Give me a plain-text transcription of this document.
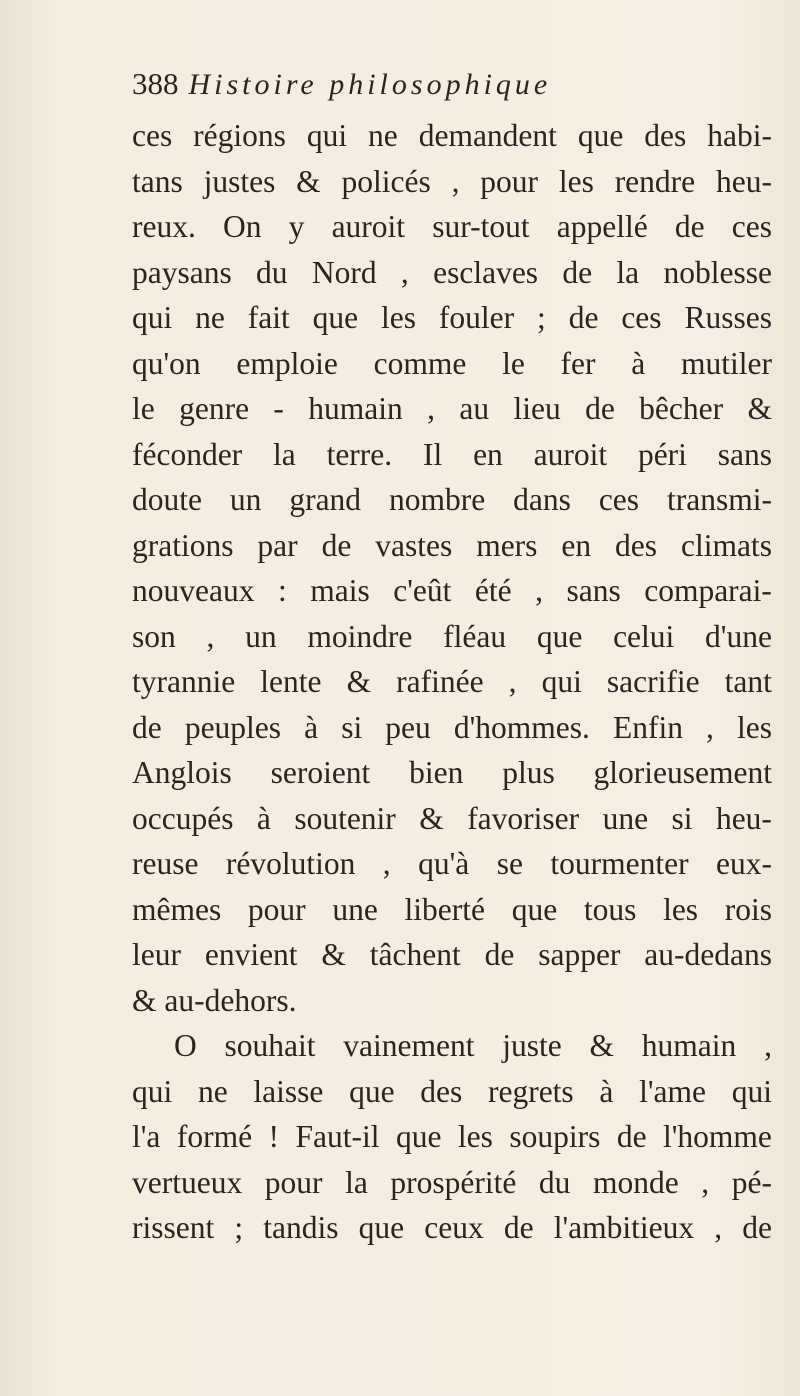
388 Histoire philosophique
ces régions qui ne demandent que des habi-
tans justes & policés , pour les rendre heu-
reux. On y auroit sur-tout appellé de ces
paysans du Nord , esclaves de la noblesse
qui ne fait que les fouler ; de ces Russes
qu'on emploie comme le fer à mutiler
le genre - humain , au lieu de bêcher &
féconder la terre. Il en auroit péri sans
doute un grand nombre dans ces transmi-
grations par de vastes mers en des climats
nouveaux : mais c'eût été , sans comparai-
son , un moindre fléau que celui d'une
tyrannie lente & rafinée , qui sacrifie tant
de peuples à si peu d'hommes. Enfin , les
Anglois seroient bien plus glorieusement
occupés à soutenir & favoriser une si heu-
reuse révolution , qu'à se tourmenter eux-
mêmes pour une liberté que tous les rois
leur envient & tâchent de sapper au-dedans
& au-dehors.
O souhait vainement juste & humain ,
qui ne laisse que des regrets à l'ame qui
l'a formé ! Faut-il que les soupirs de l'homme
vertueux pour la prospérité du monde , pé-
rissent ; tandis que ceux de l'ambitieux , de
